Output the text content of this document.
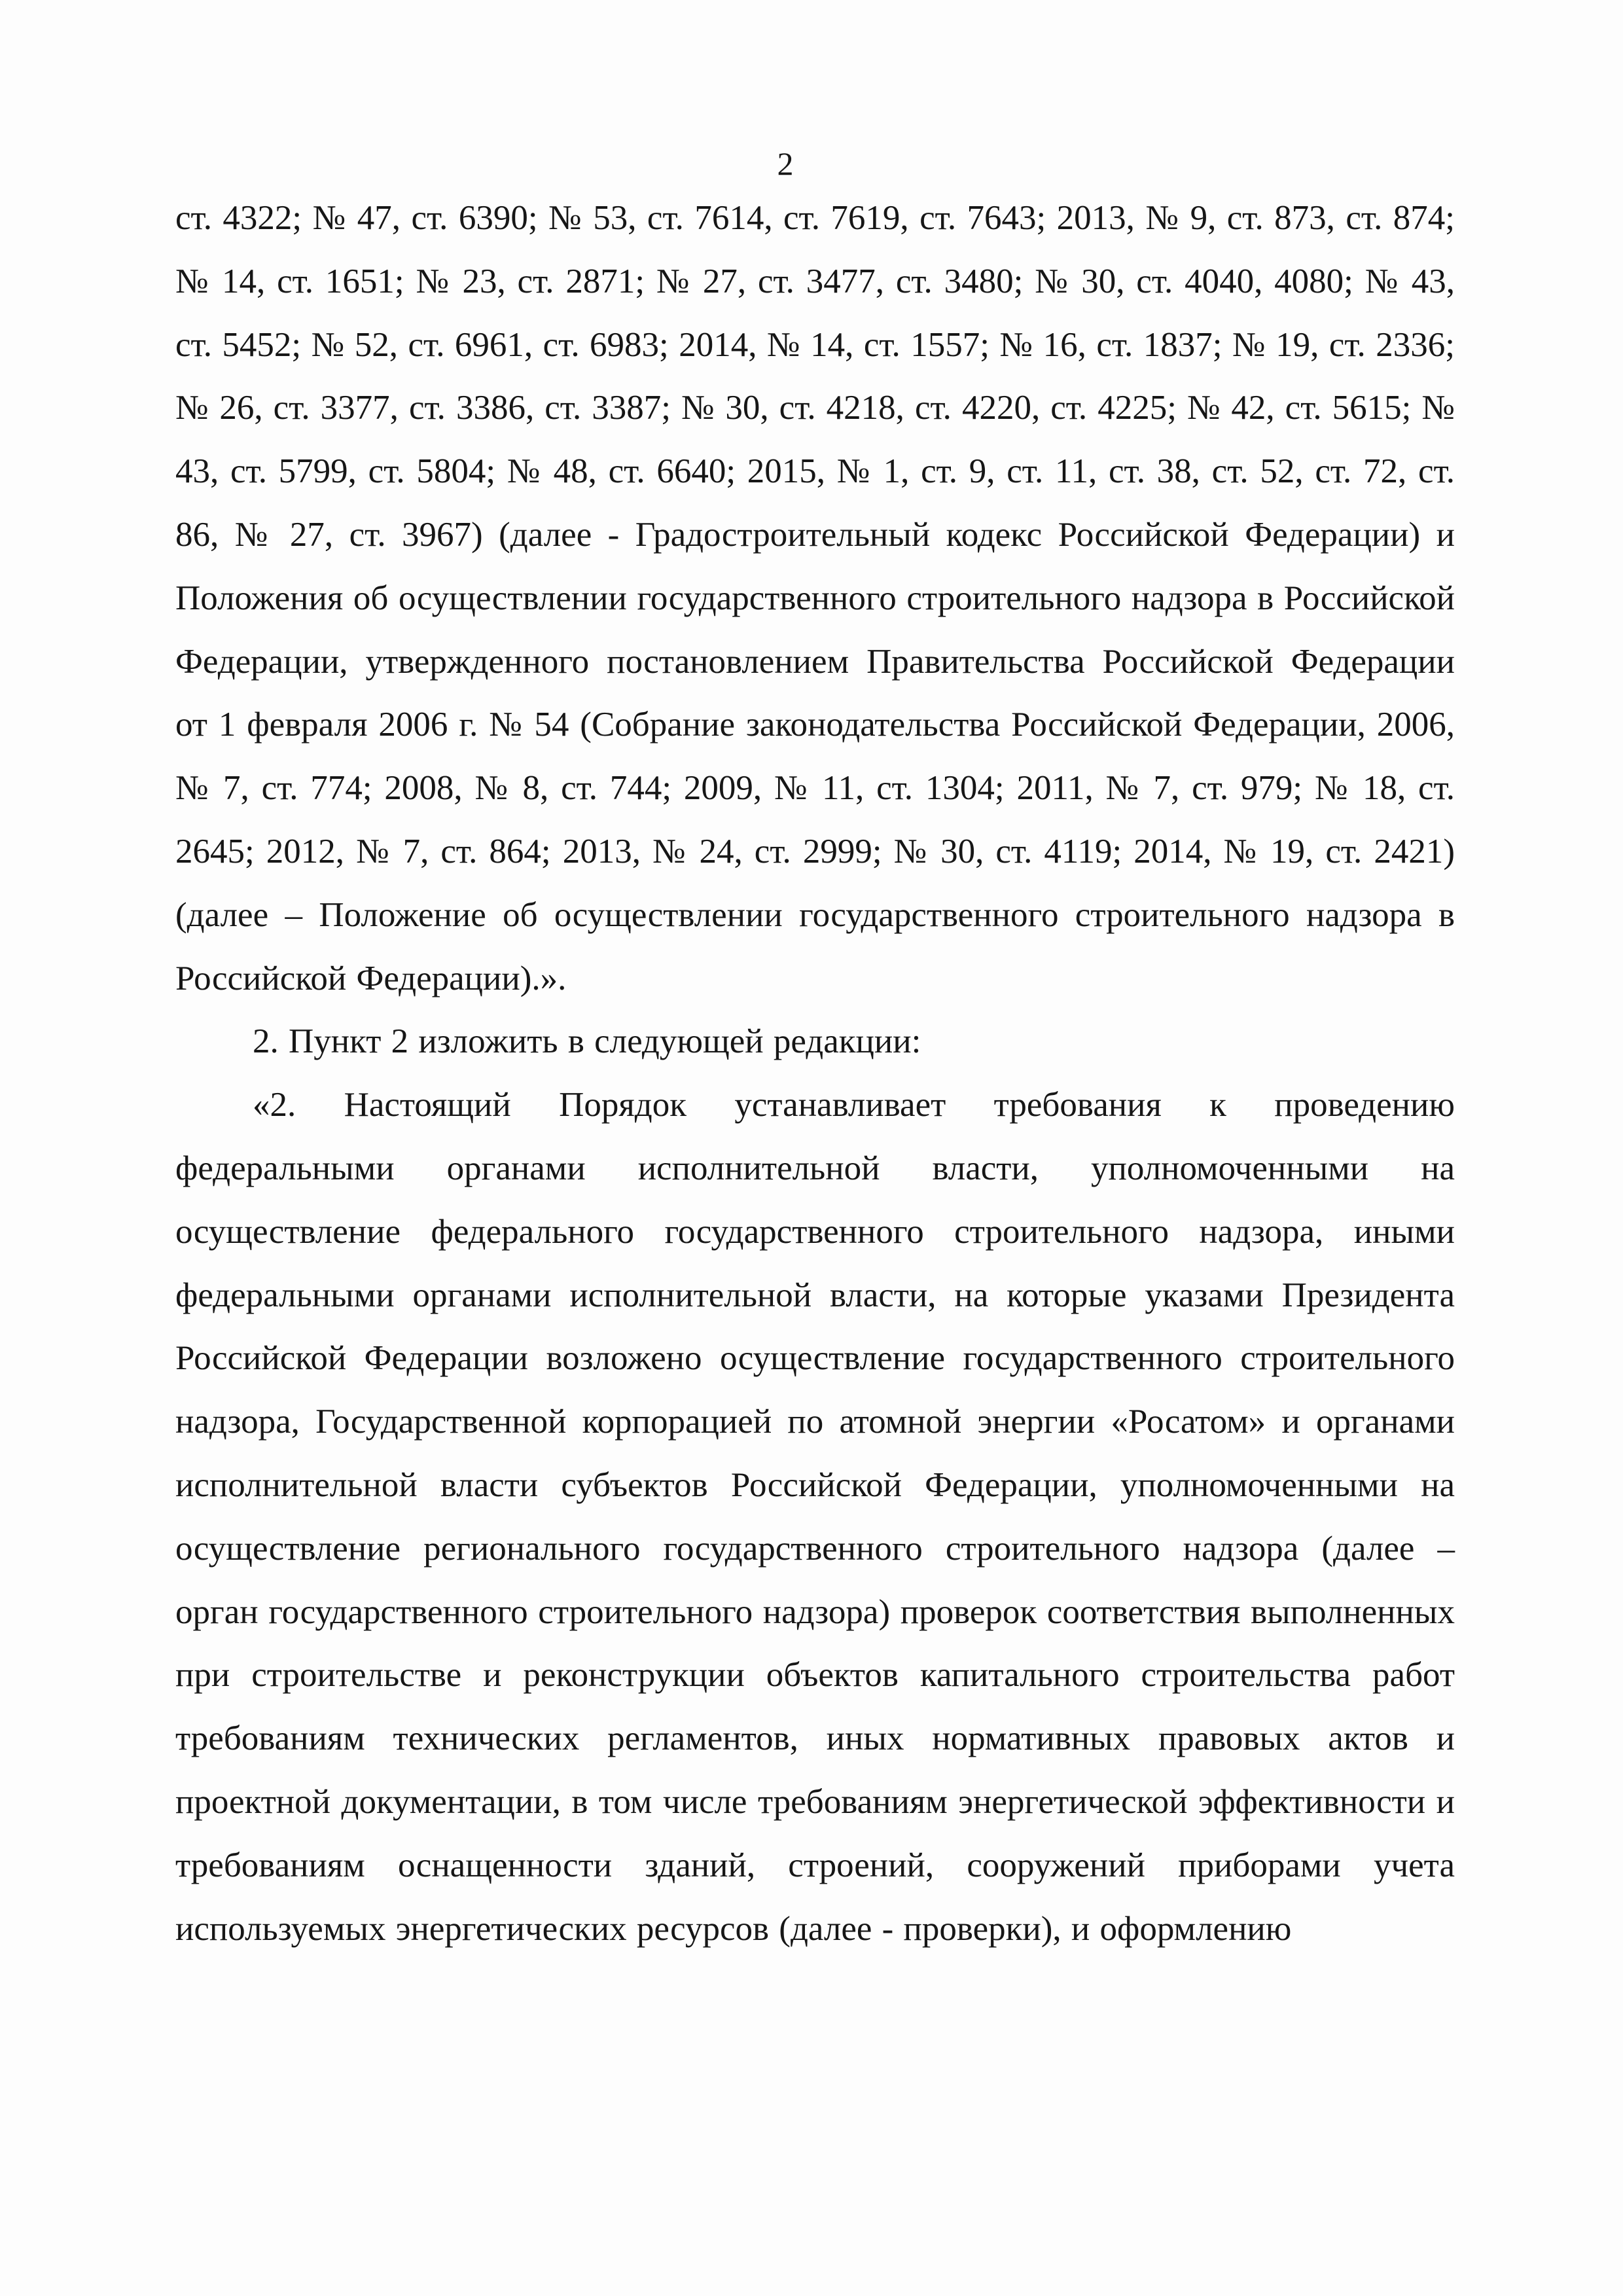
2

ст. 4322; № 47, ст. 6390; № 53, ст. 7614, ст. 7619, ст. 7643; 2013, № 9, ст. 873, ст. 874; № 14, ст. 1651; № 23, ст. 2871; № 27, ст. 3477, ст. 3480; № 30, ст. 4040, 4080; № 43, ст. 5452; № 52, ст. 6961, ст. 6983; 2014, № 14, ст. 1557; № 16, ст. 1837; № 19, ст. 2336; № 26, ст. 3377, ст. 3386, ст. 3387; № 30, ст. 4218, ст. 4220, ст. 4225; № 42, ст. 5615; № 43, ст. 5799, ст. 5804; № 48, ст. 6640; 2015, № 1, ст. 9, ст. 11, ст. 38, ст. 52, ст. 72, ст. 86, № 27, ст. 3967) (далее - Градостроительный кодекс Российской Федерации) и Положения об осуществлении государственного строительного надзора в Российской Федерации, утвержденного постановлением Правительства Российской Федерации от 1 февраля 2006 г. № 54 (Собрание законодательства Российской Федерации, 2006, № 7, ст. 774; 2008, № 8, ст. 744; 2009, № 11, ст. 1304; 2011, № 7, ст. 979; № 18, ст. 2645; 2012, № 7, ст. 864; 2013, № 24, ст. 2999; № 30, ст. 4119; 2014, № 19, ст. 2421) (далее – Положение об осуществлении государственного строительного надзора в Российской Федерации).».

2. Пункт 2 изложить в следующей редакции:

«2. Настоящий Порядок устанавливает требования к проведению федеральными органами исполнительной власти, уполномоченными на осуществление федерального государственного строительного надзора, иными федеральными органами исполнительной власти, на которые указами Президента Российской Федерации возложено осуществление государственного строительного надзора, Государственной корпорацией по атомной энергии «Росатом» и органами исполнительной власти субъектов Российской Федерации, уполномоченными на осуществление регионального государственного строительного надзора (далее – орган государственного строительного надзора) проверок соответствия выполненных при строительстве и реконструкции объектов капитального строительства работ требованиям технических регламентов, иных нормативных правовых актов и проектной документации, в том числе требованиям энергетической эффективности и требованиям оснащенности зданий, строений, сооружений приборами учета используемых энергетических ресурсов (далее - проверки), и оформлению
